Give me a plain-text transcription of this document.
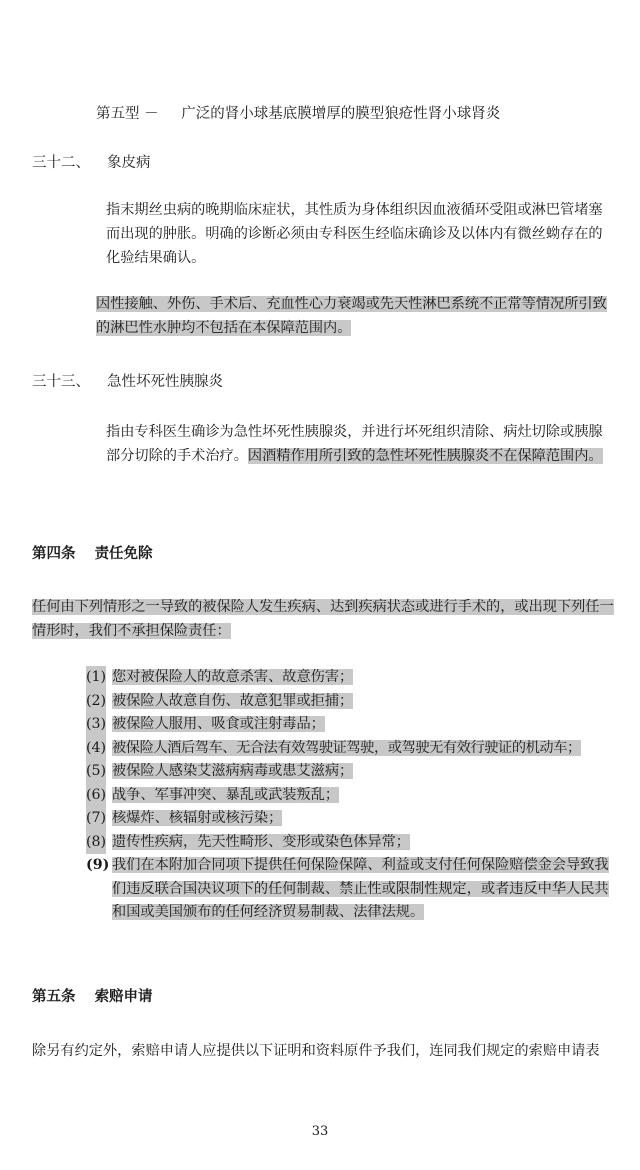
第五型 － 广泛的肾小球基底膜增厚的膜型狼疮性肾小球肾炎
三十二、 象皮病
指末期丝虫病的晚期临床症状，其性质为身体组织因血液循环受阻或淋巴管堵塞而出现的肿胀。明确的诊断必须由专科医生经临床确诊及以体内有微丝蚴存在的化验结果确认。
因性接触、外伤、手术后、充血性心力衰竭或先天性淋巴系统不正常等情况所引致的淋巴性水肿均不包括在本保障范围内。
三十三、 急性坏死性胰腺炎
指由专科医生确诊为急性坏死性胰腺炎，并进行坏死组织清除、病灶切除或胰腺部分切除的手术治疗。因酒精作用所引致的急性坏死性胰腺炎不在保障范围内。
第四条 责任免除
任何由下列情形之一导致的被保险人发生疾病、达到疾病状态或进行手术的，或出现下列任一情形时，我们不承担保险责任：
(1) 您对被保险人的故意杀害、故意伤害；
(2) 被保险人故意自伤、故意犯罪或拒捕；
(3) 被保险人服用、吸食或注射毒品；
(4) 被保险人酒后驾车、无合法有效驾驶证驾驶，或驾驶无有效行驶证的机动车；
(5) 被保险人感染艾滋病病毒或患艾滋病；
(6) 战争、军事冲突、暴乱或武装叛乱；
(7) 核爆炸、核辐射或核污染；
(8) 遗传性疾病，先天性畸形、变形或染色体异常；
(9) 我们在本附加合同项下提供任何保险保障、利益或支付任何保险赔偿金会导致我们违反联合国决议项下的任何制裁、禁止性或限制性规定，或者违反中华人民共和国或美国颁布的任何经济贸易制裁、法律法规。
第五条 索赔申请
除另有约定外，索赔申请人应提供以下证明和资料原件予我们，连同我们规定的索赔申请表
33
